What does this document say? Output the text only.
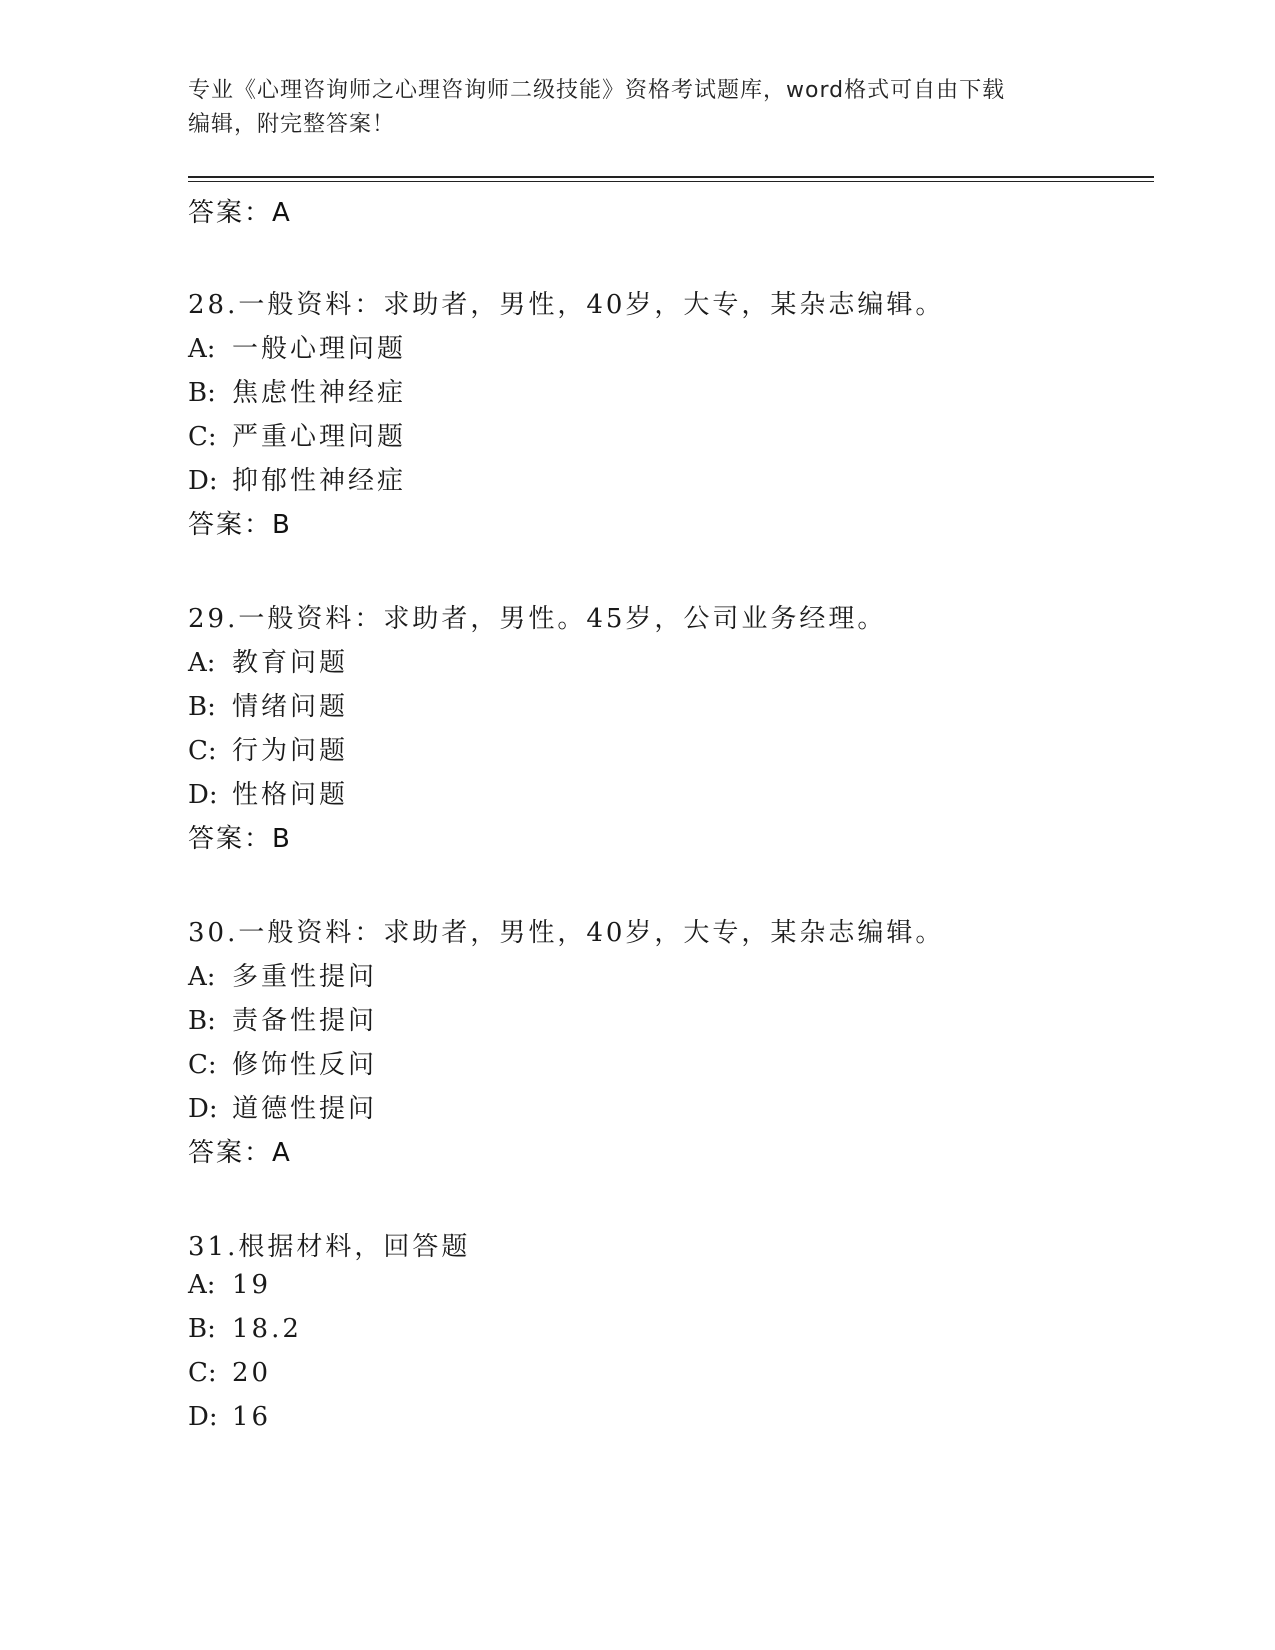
专业《心理咨询师之心理咨询师二级技能》资格考试题库，word格式可自由下载
编辑，附完整答案！
答案：A
28.一般资料：求助者，男性，40岁，大专，某杂志编辑。
A: 一般心理问题
B: 焦虑性神经症
C: 严重心理问题
D: 抑郁性神经症
答案：B
29.一般资料：求助者，男性。45岁，公司业务经理。
A: 教育问题
B: 情绪问题
C: 行为问题
D: 性格问题
答案：B
30.一般资料：求助者，男性，40岁，大专，某杂志编辑。
A: 多重性提问
B: 责备性提问
C: 修饰性反问
D: 道德性提问
答案：A
31.根据材料，回答题
A: 19
B: 18.2
C: 20
D: 16
